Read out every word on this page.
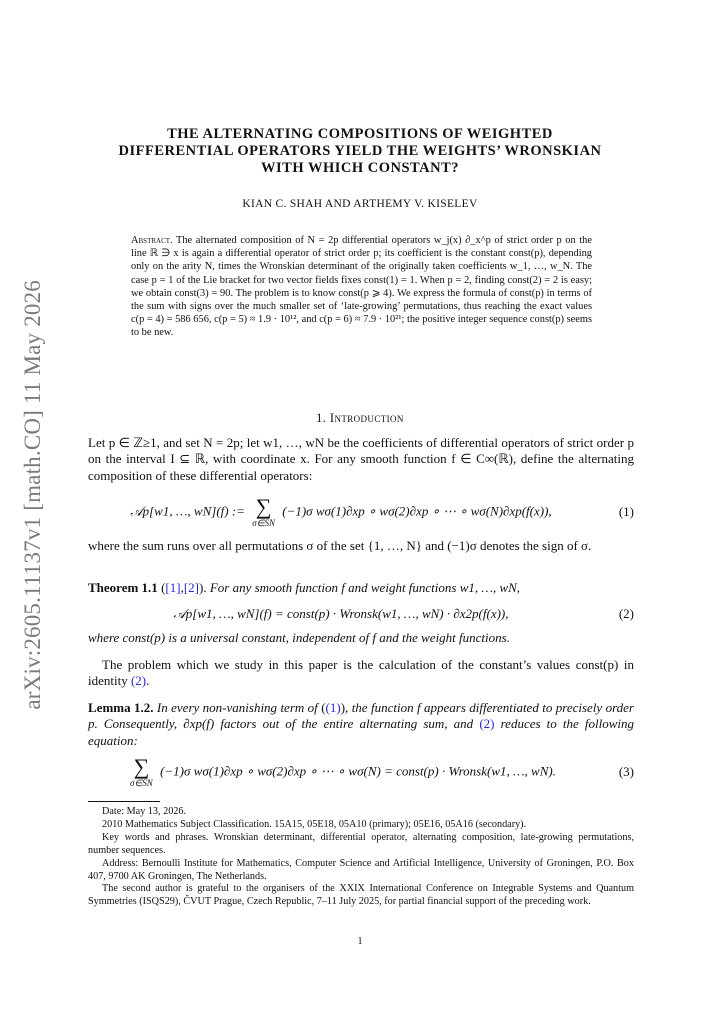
arXiv:2605.11137v1 [math.CO] 11 May 2026
THE ALTERNATING COMPOSITIONS OF WEIGHTED
DIFFERENTIAL OPERATORS YIELD THE WEIGHTS’ WRONSKIAN
WITH WHICH CONSTANT?
KIAN C. SHAH AND ARTHEMY V. KISELEV
Abstract. The alternated composition of N = 2p differential operators w_j(x) ∂_x^p of strict order p on the line ℝ ∋ x is again a differential operator of strict order p; its coefficient is the constant const(p), depending only on the arity N, times the Wronskian determinant of the originally taken coefficients w_1, …, w_N. The case p = 1 of the Lie bracket for two vector fields fixes const(1) = 1. When p = 2, finding const(2) = 2 is easy; we obtain const(3) = 90. The problem is to know const(p ⩾ 4). We express the formula of const(p) in terms of the sum with signs over the much smaller set of ‘late-growing’ permutations, thus reaching the exact values c(p = 4) = 586 656, c(p = 5) ≈ 1.9 · 10¹², and c(p = 6) ≈ 7.9 · 10²¹; the positive integer sequence const(p) seems to be new.
1. Introduction
Let p ∈ ℤ≥1, and set N = 2p; let w1, …, wN be the coefficients of differential operators of strict order p on the interval I ⊆ ℝ, with coordinate x. For any smooth function f ∈ C∞(ℝ), define the alternating composition of these differential operators:
𝒜p[w1, …, wN](f) := ∑
σ∈SN
(−1)σ wσ(1)∂xp ∘ wσ(2)∂xp ∘ ⋯ ∘ wσ(N)∂xp(f(x)),	(1)
where the sum runs over all permutations σ of the set {1, …, N} and (−1)σ denotes the sign of σ.
Theorem 1.1 ([1],[2]). For any smooth function f and weight functions w1, …, wN,
𝒜p[w1, …, wN](f) = const(p) · Wronsk(w1, …, wN) · ∂x2p(f(x)),	(2)
where const(p) is a universal constant, independent of f and the weight functions.
The problem which we study in this paper is the calculation of the constant’s values const(p) in identity (2).
Lemma 1.2. In every non-vanishing term of ((1)), the function f appears differentiated to precisely order p. Consequently, ∂xp(f) factors out of the entire alternating sum, and (2) reduces to the following equation:
∑
σ∈SN
(−1)σ wσ(1)∂xp ∘ wσ(2)∂xp ∘ ⋯ ∘ wσ(N) = const(p) · Wronsk(w1, …, wN).	(3)

Date: May 13, 2026.

2010 Mathematics Subject Classification. 15A15, 05E18, 05A10 (primary); 05E16, 05A16 (secondary).

Key words and phrases. Wronskian determinant, differential operator, alternating composition, late-growing permutations, number sequences.

Address: Bernoulli Institute for Mathematics, Computer Science and Artificial Intelligence, University of Groningen, P.O. Box 407, 9700 AK Groningen, The Netherlands.

The second author is grateful to the organisers of the XXIX International Conference on Integrable Systems and Quantum Symmetries (ISQS29), ČVUT Prague, Czech Republic, 7–11 July 2025, for partial financial support of the preceding work.

1
